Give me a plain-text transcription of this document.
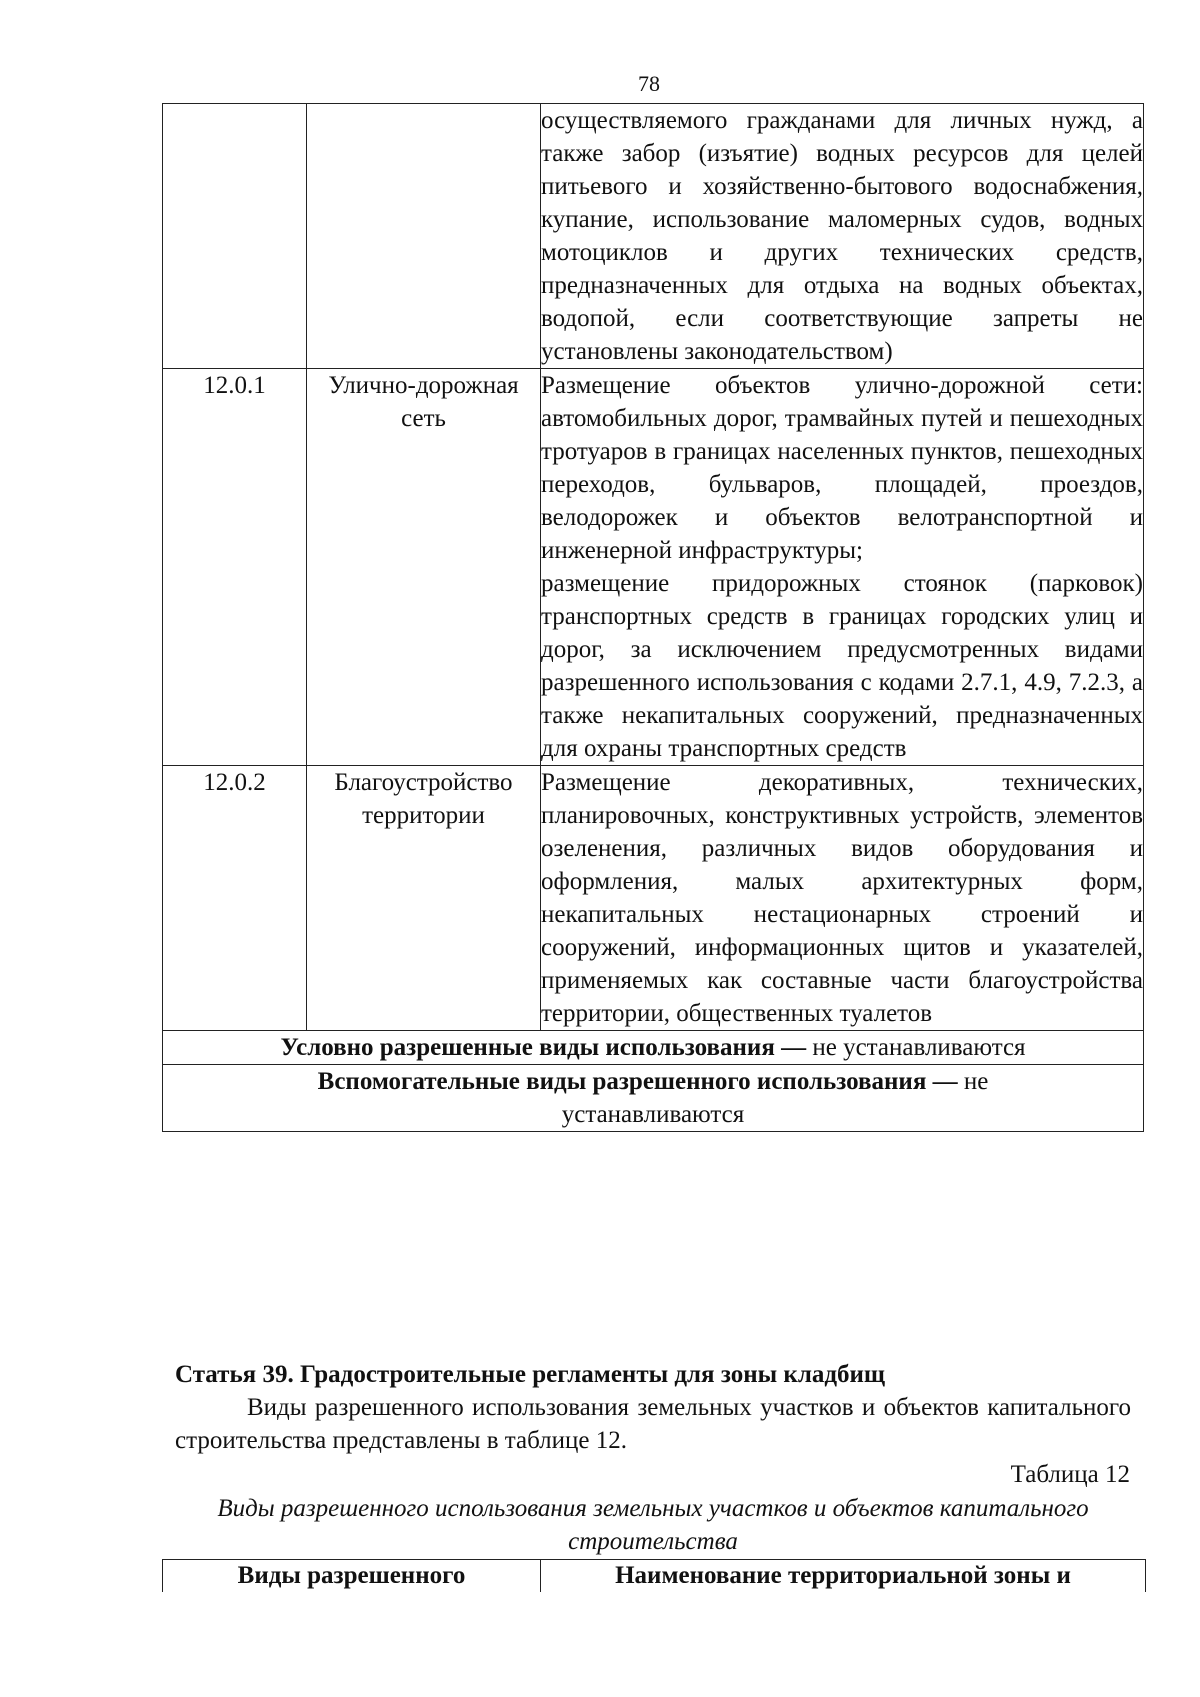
78
		осуществляемого гражданами для личных нужд, а также забор (изъятие) водных ресурсов для целей питьевого и хозяйственно-бытового водоснабжения, купание, использование маломерных судов, водных мотоциклов и других технических средств, предназначенных для отдыха на водных объектах, водопой, если соответствующие запреты не установлены законодательством)
12.0.1	Улично-дорожная сеть	Размещение объектов улично-дорожной сети: автомобильных дорог, трамвайных путей и пешеходных тротуаров в границах населенных пунктов, пешеходных переходов, бульваров, площадей, проездов, велодорожек и объектов велотранспортной и инженерной инфраструктуры;
размещение придорожных стоянок (парковок) транспортных средств в границах городских улиц и дорог, за исключением предусмотренных видами разрешенного использования с кодами 2.7.1, 4.9, 7.2.3, а также некапитальных сооружений, предназначенных для охраны транспортных средств

12.0.2	Благоустройство территории	Размещение декоративных, технических, планировочных, конструктивных устройств, элементов озеленения, различных видов оборудования и оформления, малых архитектурных форм, некапитальных нестационарных строений и сооружений, информационных щитов и указателей, применяемых как составные части благоустройства территории, общественных туалетов
Условно разрешенные виды использования — не устанавливаются		
Вспомогательные виды разрешенного использования — не устанавливаются		
Статья 39. Градостроительные регламенты для зоны кладбищ

Виды разрешенного использования земельных участков и объектов капитального строительства представлены в таблице 12.

Таблица 12
Виды разрешенного использования земельных участков и объектов капитального строительства
Виды разрешенного	Наименование территориальной зоны и
